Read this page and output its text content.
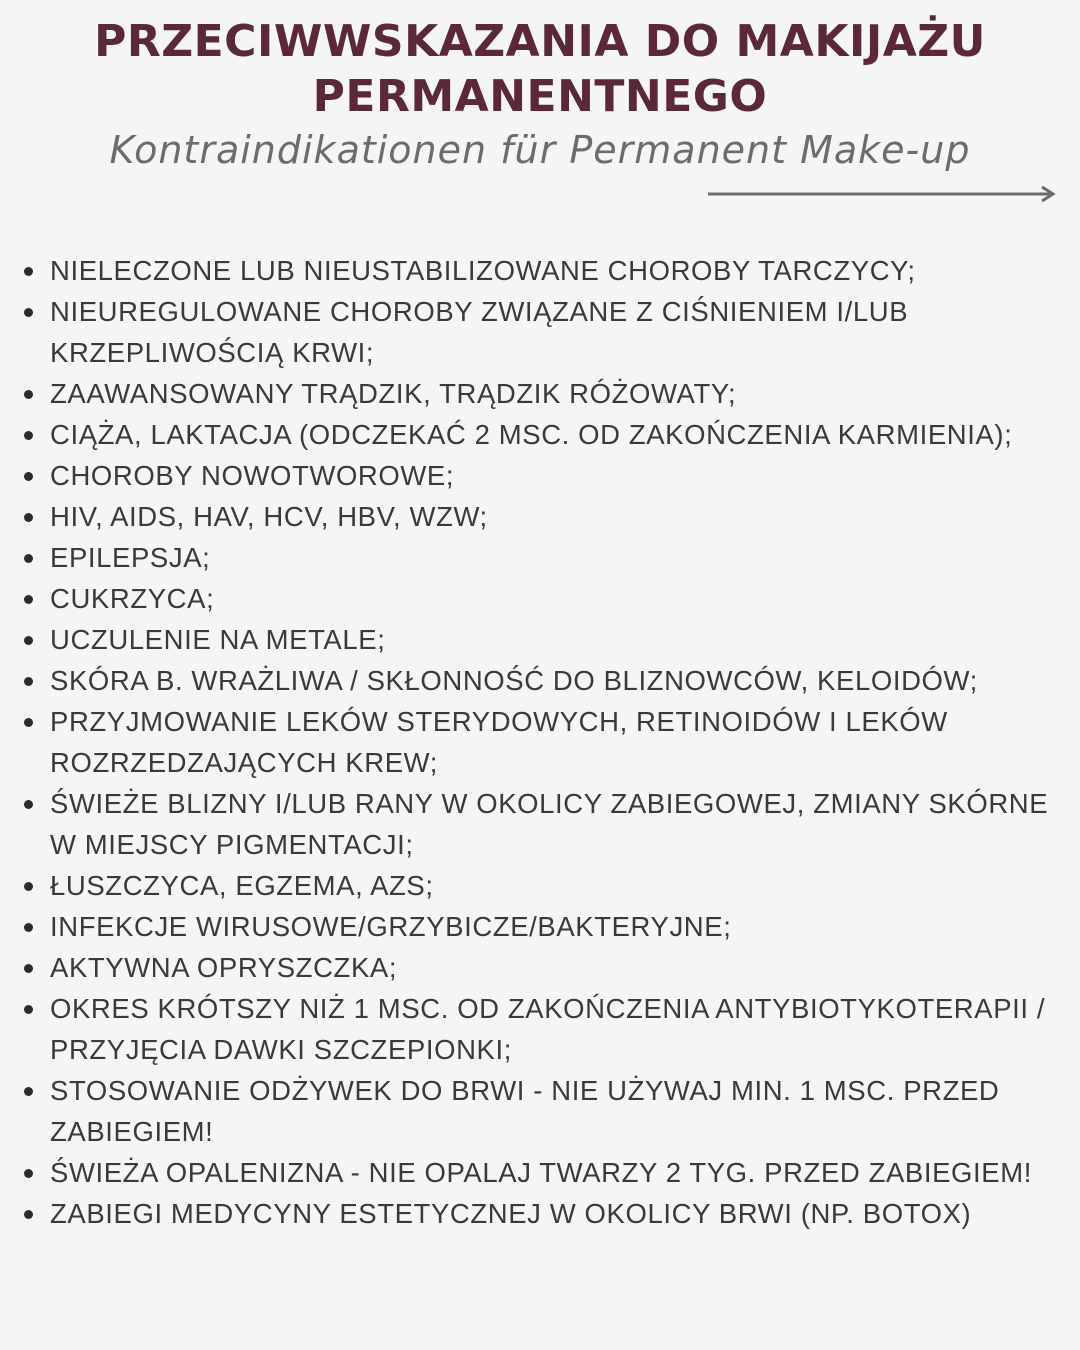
PRZECIWWSKAZANIA DO MAKIJAŻU PERMANENTNEGO

Kontraindikationen für Permanent Make-up

NIELECZONE LUB NIEUSTABILIZOWANE CHOROBY TARCZYCY;
NIEUREGULOWANE CHOROBY ZWIĄZANE Z CIŚNIENIEM I/LUB KRZEPLIWOŚCIĄ KRWI;
ZAAWANSOWANY TRĄDZIK, TRĄDZIK RÓŻOWATY;
CIĄŻA, LAKTACJA (ODCZEKAĆ 2 MSC. OD ZAKOŃCZENIA KARMIENIA);
CHOROBY NOWOTWOROWE;
HIV, AIDS, HAV, HCV, HBV, WZW;
EPILEPSJA;
CUKRZYCA;
UCZULENIE NA METALE;
SKÓRA B. WRAŻLIWA / SKŁONNOŚĆ DO BLIZNOWCÓW, KELOIDÓW;
PRZYJMOWANIE LEKÓW STERYDOWYCH, RETINOIDÓW I LEKÓW ROZRZEDZAJĄCYCH KREW;
ŚWIEŻE BLIZNY I/LUB RANY W OKOLICY ZABIEGOWEJ, ZMIANY SKÓRNE W MIEJSCY PIGMENTACJI;
ŁUSZCZYCA, EGZEMA, AZS;
INFEKCJE WIRUSOWE/GRZYBICZE/BAKTERYJNE;
AKTYWNA OPRYSZCZKA;
OKRES KRÓTSZY NIŻ 1 MSC. OD ZAKOŃCZENIA ANTYBIOTYKOTERAPII / PRZYJĘCIA DAWKI SZCZEPIONKI;
STOSOWANIE ODŻYWEK DO BRWI - NIE UŻYWAJ MIN. 1 MSC. PRZED ZABIEGIEM!
ŚWIEŻA OPALENIZNA - NIE OPALAJ TWARZY 2 TYG. PRZED ZABIEGIEM!
ZABIEGI MEDYCYNY ESTETYCZNEJ W OKOLICY BRWI (NP. BOTOX)
